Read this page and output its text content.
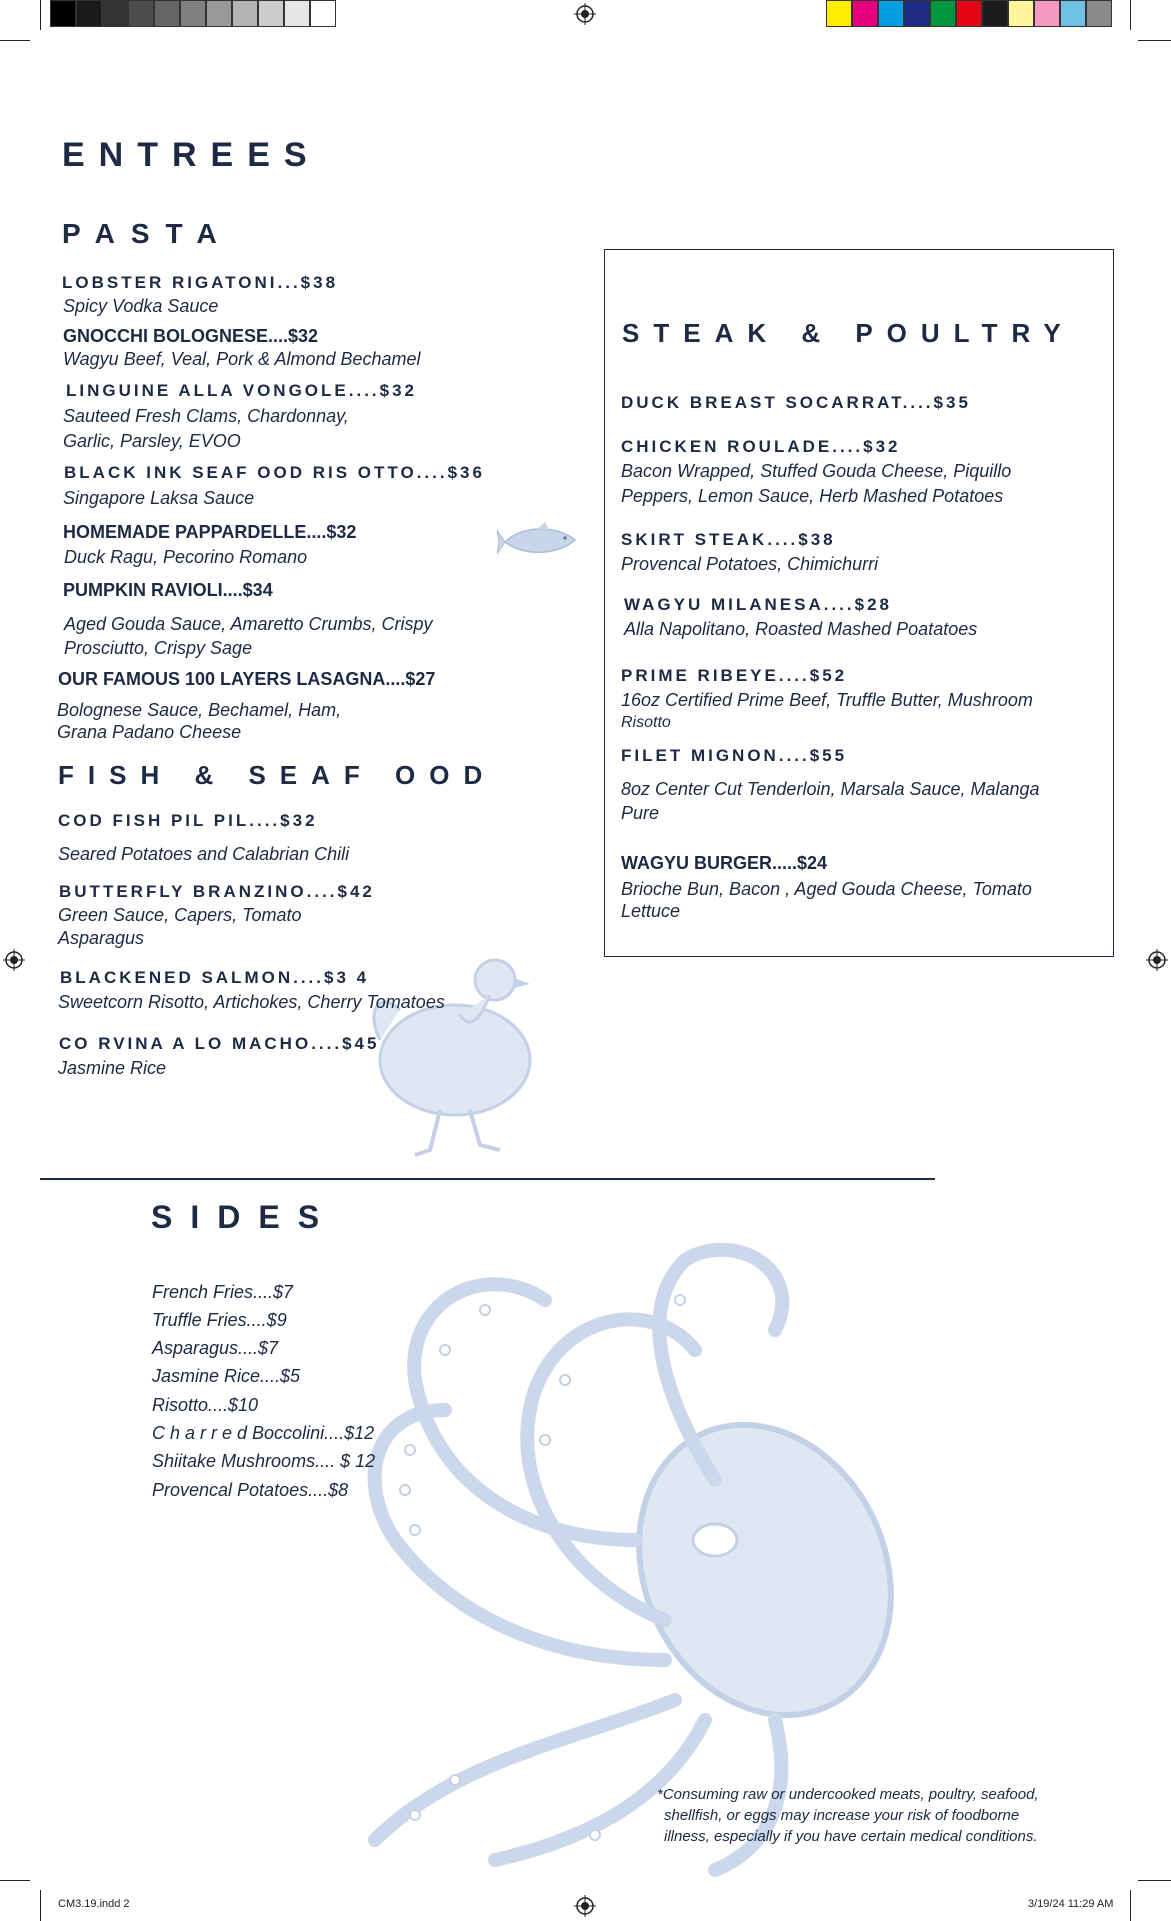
CM3.19.indd 2	3/19/24 11:29 AM
ENTREES
PASTA
LOBSTER RIGATONI...$38
Spicy Vodka Sauce
GNOCCHI BOLOGNESE....$32
Wagyu Beef, Veal, Pork & Almond Bechamel
LINGUINE ALLA VONGOLE....$32
Sauteed Fresh Clams, Chardonnay,
Garlic, Parsley, EVOO
BLACK INK SEAF OOD RIS OTTO....$36
Singapore Laksa Sauce
HOMEMADE PAPPARDELLE....$32
Duck Ragu, Pecorino Romano
PUMPKIN RAVIOLI....$34
Aged Gouda Sauce, Amaretto Crumbs, Crispy
Prosciutto, Crispy Sage
OUR FAMOUS 100 LAYERS LASAGNA....$27
Bolognese Sauce, Bechamel, Ham,
Grana Padano Cheese
FISH & SEAF OOD
COD FISH PIL PIL....$32
Seared Potatoes and Calabrian Chili
BUTTERFLY BRANZINO....$42
Green Sauce, Capers, Tomato
Asparagus
BLACKENED SALMON....$3 4
Sweetcorn Risotto, Artichokes, Cherry Tomatoes
CO RVINA A LO MACHO....$45
Jasmine Rice
STEAK & POULTRY
DUCK BREAST SOCARRAT....$35
CHICKEN ROULADE....$32
Bacon Wrapped, Stuffed Gouda Cheese, Piquillo
Peppers, Lemon Sauce, Herb Mashed Potatoes
SKIRT STEAK....$38
Provencal Potatoes, Chimichurri
WAGYU MILANESA....$28
Alla Napolitano, Roasted Mashed Poatatoes
PRIME RIBEYE....$52
16oz Certified Prime Beef, Truffle Butter, Mushroom
Risotto
FILET MIGNON....$55
8oz Center Cut Tenderloin, Marsala Sauce, Malanga
Pure
WAGYU BURGER.....$24
Brioche Bun, Bacon , Aged Gouda Cheese, Tomato
Lettuce
SIDES
French Fries....$7
Truffle Fries....$9
Asparagus....$7
Jasmine Rice....$5
Risotto....$10
C h a r r e d Boccolini....$12
Shiitake Mushrooms.... $ 12
Provencal Potatoes....$8
*Consuming raw or undercooked meats, poultry, seafood,
shellfish, or eggs may increase your risk of foodborne
illness, especially if you have certain medical conditions.
